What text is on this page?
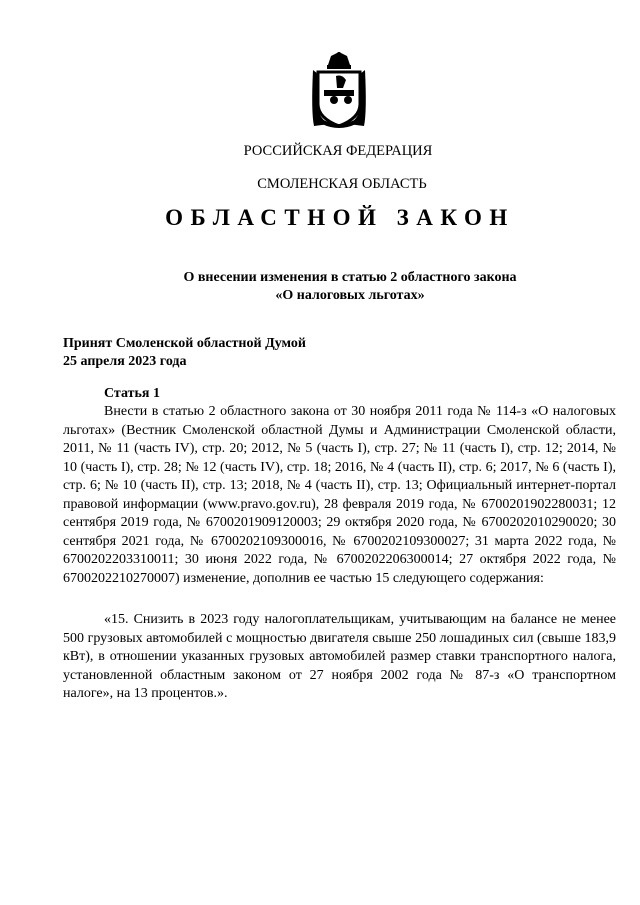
РОССИЙСКАЯ ФЕДЕРАЦИЯ
СМОЛЕНСКАЯ ОБЛАСТЬ
ОБЛАСТНОЙ ЗАКОН
О внесении изменения в статью 2 областного закона
«О налоговых льготах»
Принят Смоленской областной Думой
25 апреля 2023 года
Статья 1

Внести в статью 2 областного закона от 30 ноября 2011 года № 114-з «О налоговых льготах» (Вестник Смоленской областной Думы и Администрации Смоленской области, 2011, № 11 (часть IV), стр. 20; 2012, № 5 (часть I), стр. 27; № 11 (часть I), стр. 12; 2014, № 10 (часть I), стр. 28; № 12 (часть IV), стр. 18; 2016, № 4 (часть II), стр. 6; 2017, № 6 (часть I), стр. 6; № 10 (часть II), стр. 13; 2018, № 4 (часть II), стр. 13; Официальный интернет-портал правовой информации (www.pravo.gov.ru), 28 февраля 2019 года, № 6700201902280031; 12 сентября 2019 года, № 6700201909120003; 29 октября 2020 года, № 6700202010290020; 30 сентября 2021 года, № 6700202109300016, № 6700202109300027; 31 марта 2022 года, № 6700202203310011; 30 июня 2022 года, № 6700202206300014; 27 октября 2022 года, № 6700202210270007) изменение, дополнив ее частью 15 следующего содержания:

«15. Снизить в 2023 году налогоплательщикам, учитывающим на балансе не менее 500 грузовых автомобилей с мощностью двигателя свыше 250 лошадиных сил (свыше 183,9 кВт), в отношении указанных грузовых автомобилей размер ставки транспортного налога, установленной областным законом от 27 ноября 2002 года № 87-з «О транспортном налоге», на 13 процентов.».
